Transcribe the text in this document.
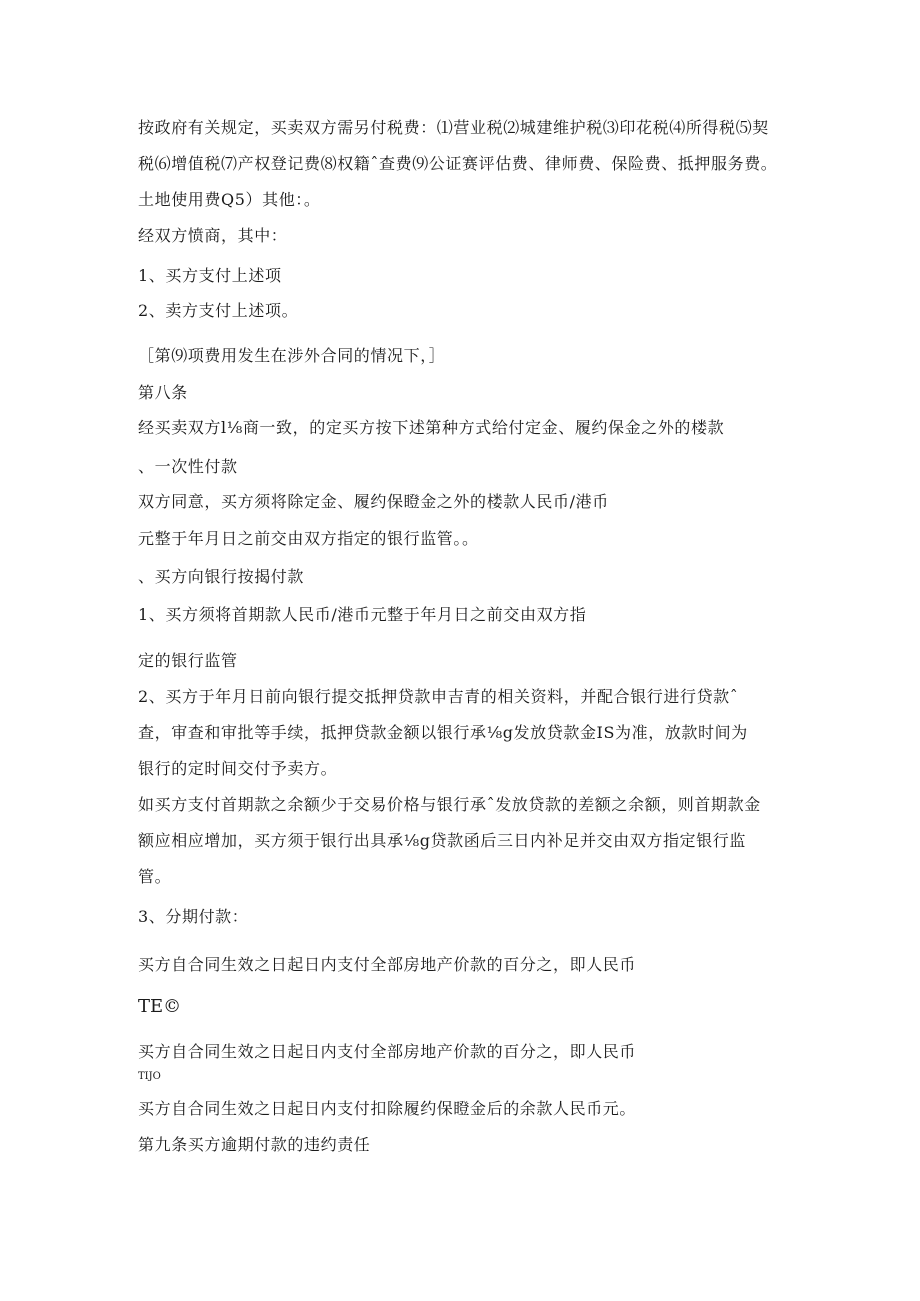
按政府有关规定，买卖双方需另付税费：⑴营业税⑵城建维护税⑶印花税⑷所得税⑸契
税⑹增值税⑺产权登记费⑻权籍ˆ查费⑼公证赛评估费、律师费、保险费、抵押服务费。
土地使用费Q5）其他：。
经双方愤商，其中：
1、买方支付上述项
2、卖方支付上述项。
［第⑼项费用发生在涉外合同的情况下，］
第八条
经买卖双方l⅛商一致，的定买方按下述第种方式给付定金、履约保金之外的楼款
、一次性付款
双方同意，买方须将除定金、履约保瞪金之外的楼款人民币/港币
元整于年月日之前交由双方指定的银行监管。。
、买方向银行按揭付款
1、买方须将首期款人民币/港币元整于年月日之前交由双方指
定的银行监管
2、买方于年月日前向银行提交抵押贷款申吉青的相关资料，并配合银行进行贷款ˆ
查，审查和审批等手续，抵押贷款金额以银行承⅛g发放贷款金IS为准，放款时间为
银行的定时间交付予卖方。
如买方支付首期款之余额少于交易价格与银行承ˆ发放贷款的差额之余额，则首期款金
额应相应增加，买方须于银行出具承⅛g贷款函后三日内补足并交由双方指定银行监
管。
3、分期付款：
买方自合同生效之日起日内支付全部房地产价款的百分之，即人民币
TE©
买方自合同生效之日起日内支付全部房地产价款的百分之，即人民币
TIJO
买方自合同生效之日起日内支付扣除履约保瞪金后的余款人民币元。
第九条买方逾期付款的违约责任
